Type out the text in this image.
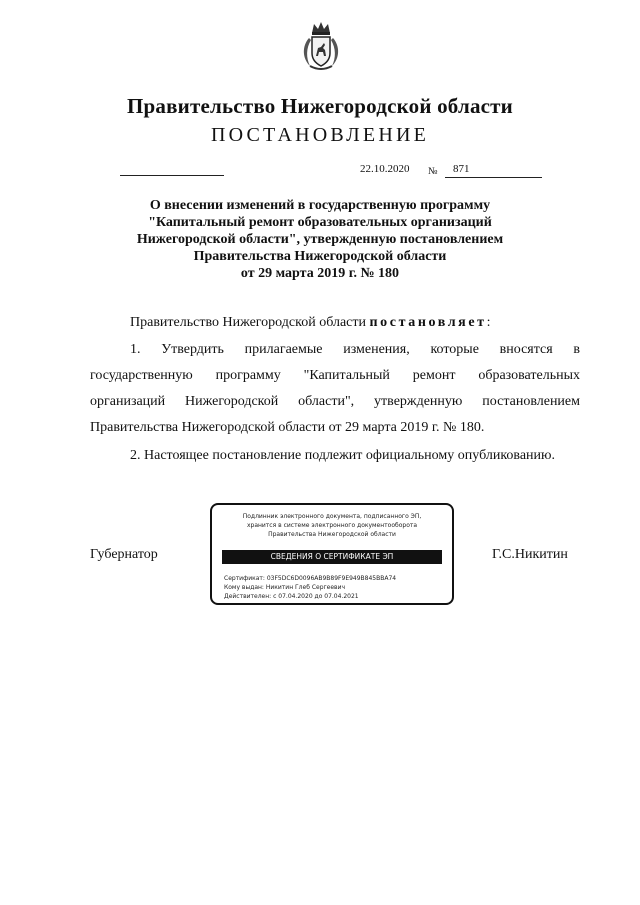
Правительство Нижегородской области
ПОСТАНОВЛЕНИЕ
22.10.2020 №	871
О внесении изменений в государственную программу
"Капитальный ремонт образовательных организаций
Нижегородской области", утвержденную постановлением
Правительства Нижегородской области
от 29 марта 2019 г. № 180
Правительство Нижегородской области постановляет:
1. Утвердить прилагаемые изменения, которые вносятся в государственную программу "Капитальный ремонт образовательных организаций Нижегородской области", утвержденную постановлением Правительства Нижегородской области от 29 марта 2019 г. № 180.
2. Настоящее постановление подлежит официальному опубликованию.
Губернатор	Г.С.Никитин
Подлинник электронного документа, подписанного ЭП,
хранится в системе электронного документооборота
Правительства Нижегородской области
СВЕДЕНИЯ О СЕРТИФИКАТЕ ЭП
Сертификат: 03F5DC6D0096AB9B89F9E949B845BBA74
Кому выдан: Никитин Глеб Сергеевич
Действителен: с 07.04.2020 до 07.04.2021
